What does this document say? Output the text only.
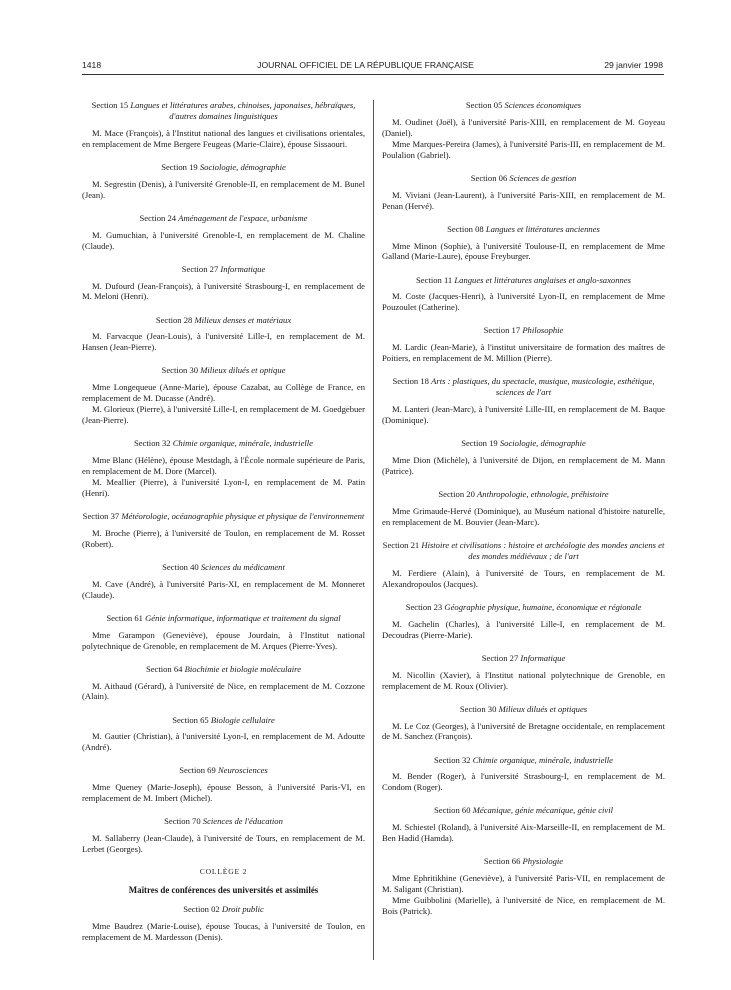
1418	JOURNAL OFFICIEL DE LA RÉPUBLIQUE FRANÇAISE	29 janvier 1998
Section 15 Langues et littératures arabes, chinoises, japonaises, hébraïques, d'autres domaines linguistiques

M. Mace (François), à l'Institut national des langues et civilisations orientales, en remplacement de Mme Bergere Feugeas (Marie-Claire), épouse Sissaouri.

Section 19 Sociologie, démographie

M. Segrestin (Denis), à l'université Grenoble-II, en remplacement de M. Bunel (Jean).

Section 24 Aménagement de l'espace, urbanisme

M. Gumuchian, à l'université Grenoble-I, en remplacement de M. Chaline (Claude).

Section 27 Informatique

M. Dufourd (Jean-François), à l'université Strasbourg-I, en remplacement de M. Meloni (Henri).

Section 28 Milieux denses et matériaux

M. Farvacque (Jean-Louis), à l'université Lille-I, en remplacement de M. Hansen (Jean-Pierre).

Section 30 Milieux dilués et optique

Mme Longequeue (Anne-Marie), épouse Cazabat, au Collège de France, en remplacement de M. Ducasse (André).

M. Glorieux (Pierre), à l'université Lille-I, en remplacement de M. Goedgebuer (Jean-Pierre).

Section 32 Chimie organique, minérale, industrielle

Mme Blanc (Hélène), épouse Mestdagh, à l'École normale supérieure de Paris, en remplacement de M. Dore (Marcel).

M. Meallier (Pierre), à l'université Lyon-I, en remplacement de M. Patin (Henri).

Section 37 Météorologie, océanographie physique et physique de l'environnement

M. Broche (Pierre), à l'université de Toulon, en remplacement de M. Rosset (Robert).

Section 40 Sciences du médicament

M. Cave (André), à l'université Paris-XI, en remplacement de M. Monneret (Claude).

Section 61 Génie informatique, informatique et traitement du signal

Mme Garampon (Geneviève), épouse Jourdain, à l'Institut national polytechnique de Grenoble, en remplacement de M. Arques (Pierre-Yves).

Section 64 Biochimie et biologie moléculaire

M. Aithaud (Gérard), à l'université de Nice, en remplacement de M. Cozzone (Alain).

Section 65 Biologie cellulaire

M. Gautier (Christian), à l'université Lyon-I, en remplacement de M. Adoutte (André).

Section 69 Neurosciences

Mme Queney (Marie-Joseph), épouse Besson, à l'université Paris-VI, en remplacement de M. Imbert (Michel).

Section 70 Sciences de l'éducation

M. Sallaberry (Jean-Claude), à l'université de Tours, en remplacement de M. Lerbet (Georges).

COLLÈGE 2
Maîtres de conférences des universités et assimilés
Section 02 Droit public

Mme Baudrez (Marie-Louise), épouse Toucas, à l'université de Toulon, en remplacement de M. Mardesson (Denis).

Section 05 Sciences économiques

M. Oudinet (Joël), à l'université Paris-XIII, en remplacement de M. Goyeau (Daniel).

Mme Marques-Pereira (James), à l'université Paris-III, en remplacement de M. Poulalion (Gabriel).

Section 06 Sciences de gestion

M. Viviani (Jean-Laurent), à l'université Paris-XIII, en remplacement de M. Penan (Hervé).

Section 08 Langues et littératures anciennes

Mme Minon (Sophie), à l'université Toulouse-II, en remplacement de Mme Galland (Marie-Laure), épouse Freyburger.

Section 11 Langues et littératures anglaises et anglo-saxonnes

M. Coste (Jacques-Henri), à l'université Lyon-II, en remplacement de Mme Pouzoulet (Catherine).

Section 17 Philosophie

M. Lardic (Jean-Marie), à l'institut universitaire de formation des maîtres de Poitiers, en remplacement de M. Million (Pierre).

Section 18 Arts : plastiques, du spectacle, musique, musicologie, esthétique, sciences de l'art

M. Lanteri (Jean-Marc), à l'université Lille-III, en remplacement de M. Baque (Dominique).

Section 19 Sociologie, démographie

Mme Dion (Michèle), à l'université de Dijon, en remplacement de M. Mann (Patrice).

Section 20 Anthropologie, ethnologie, préhistoire

Mme Grimaude-Hervé (Dominique), au Muséum national d'histoire naturelle, en remplacement de M. Bouvier (Jean-Marc).

Section 21 Histoire et civilisations : histoire et archéologie des mondes anciens et des mondes médiévaux ; de l'art

M. Ferdiere (Alain), à l'université de Tours, en remplacement de M. Alexandropoulos (Jacques).

Section 23 Géographie physique, humaine, économique et régionale

M. Gachelin (Charles), à l'université Lille-I, en remplacement de M. Decoudras (Pierre-Marie).

Section 27 Informatique

M. Nicollin (Xavier), à l'Institut national polytechnique de Grenoble, en remplacement de M. Roux (Olivier).

Section 30 Milieux dilués et optiques

M. Le Coz (Georges), à l'université de Bretagne occidentale, en remplacement de M. Sanchez (François).

Section 32 Chimie organique, minérale, industrielle

M. Bender (Roger), à l'université Strasbourg-I, en remplacement de M. Condom (Roger).

Section 60 Mécanique, génie mécanique, génie civil

M. Schiestel (Roland), à l'université Aix-Marseille-II, en remplacement de M. Ben Hadid (Hamda).

Section 66 Physiologie

Mme Ephritikhine (Geneviève), à l'université Paris-VII, en remplacement de M. Saligant (Christian).

Mme Guibbolini (Marielle), à l'université de Nice, en remplacement de M. Bois (Patrick).
